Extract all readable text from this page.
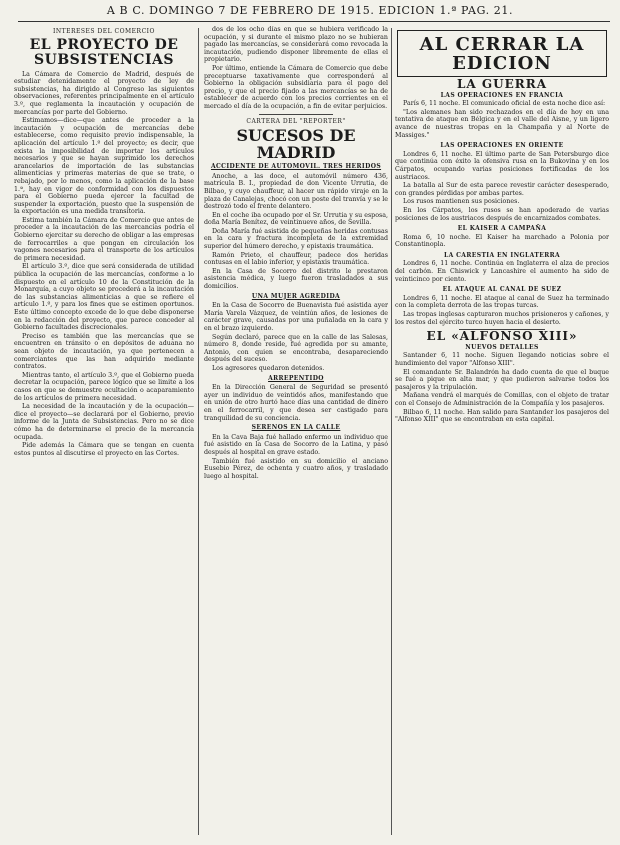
A B C. DOMINGO 7 DE FEBRERO DE 1915. EDICION 1.ª PAG. 21.
INTERESES DEL COMERCIO
EL PROYECTO DE SUBSISTENCIAS

La Cámara de Comercio de Madrid, después de estudiar detenidamente el proyecto de ley de subsistencias, ha dirigido al Congreso las siguientes observaciones, referentes principalmente en el artículo 3.º, que reglamenta la incautación y ocupación de mercancías por parte del Gobierno.

Estimamos—dice—que antes de proceder a la incautación y ocupación de mercancías debe establecerse, como requisito previo indispensable, la aplicación del artículo 1.º del proyecto; es decir, que exista la imposibilidad de importar los artículos necesarios y que se hayan suprimido los derechos arancelarios de importación de las substancias alimenticias y primeras materias de que se trate, o rebajado, por lo menos, como la aplicación de la base 1.ª, hay en vigor de conformidad con los dispuestos para el Gobierno pueda ejercer la facultad de suspender la exportación, puesto que la suspensión de la exportación es una medida transitoria.

Estima también la Cámara de Comercio que antes de proceder a la incautación de las mercancías podría el Gobierno ejercitar su derecho de obligar a las empresas de ferrocarriles a que pongan en circulación los vagones necesarios para el transporte de los artículos de primera necesidad.

El artículo 3.º, dice que será considerada de utilidad pública la ocupación de las mercancías, conforme a lo dispuesto en el artículo 10 de la Constitución de la Monarquía, a cuyo objeto se procederá a la incautación de las substancias alimenticias a que se refiere el artículo 1.º, y para los fines que se estimen oportunos. Este último concepto excede de lo que debe disponerse en la redacción del proyecto, que parece conceder al Gobierno facultades discrecionales.

Preciso es también que las mercancías que se encuentren en tránsito o en depósitos de aduana no sean objeto de incautación, ya que pertenecen a comerciantes que las han adquirido mediante contratos.

Mientras tanto, el artículo 3.º, que el Gobierno pueda decretar la ocupación, parece lógico que se limite a los casos en que se demuestre ocultación o acaparamiento de los artículos de primera necesidad.

La necesidad de la incautación y de la ocupación—dice el proyecto—se declarará por el Gobierno, previo informe de la Junta de Subsistencias. Pero no se dice cómo ha de determinarse el precio de la mercancía ocupada.

Pide además la Cámara que se tengan en cuenta estos puntos al discutirse el proyecto en las Cortes.

dos de los ocho días en que se hubiera verificado la ocupación, y si durante el mismo plazo no se hubieran pagado las mercancías, se considerará como revocada la incautación, pudiendo disponer libremente de ellas el propietario.

Por último, entiende la Cámara de Comercio que debe preceptuarse taxativamente que corresponderá al Gobierno la obligación subsidiaria para el pago del precio, y que el precio fijado a las mercancías se ha de establecer de acuerdo con los precios corrientes en el mercado el día de la ocupación, a fin de evitar perjuicios.

CARTERA DEL "REPORTER"
SUCESOS DE MADRID
ACCIDENTE DE AUTOMOVIL. TRES HERIDOS

Anoche, a las doce, el automóvil número 436, matrícula B. I., propiedad de don Vicente Urrutia, de Bilbao, y cuyo chauffeur, al hacer un rápido viraje en la plaza de Canalejas, chocó con un poste del tranvía y se le destrozó todo el frente delantero.

En el coche iba ocupado por el Sr. Urrutia y su esposa, doña María Benítez, de veintinueve años, de Sevilla.

Doña María fué asistida de pequeñas heridas contusas en la cara y fractura incompleta de la extremidad superior del húmero derecho, y epistaxis traumática.

Ramón Prieto, el chauffeur, padece dos heridas contusas en el labio inferior, y epistaxis traumática.

En la Casa de Socorro del distrito le prestaron asistencia médica, y luego fueron trasladados a sus domicilios.

UNA MUJER AGREDIDA

En la Casa de Socorro de Buenavista fué asistida ayer María Varela Vázquez, de veintiún años, de lesiones de carácter grave, causadas por una puñalada en la cara y en el brazo izquierdo.

Según declaró, parece que en la calle de las Salesas, número 8, donde reside, fué agredida por su amante, Antonio, con quien se encontraba, desapareciendo después del suceso.

Los agresores quedaron detenidos.

ARREPENTIDO

En la Dirección General de Seguridad se presentó ayer un individuo de veintidós años, manifestando que en unión de otro hurtó hace días una cantidad de dinero en el ferrocarril, y que desea ser castigado para tranquilidad de su conciencia.

SERENOS EN LA CALLE

En la Cava Baja fué hallado enfermo un individuo que fué asistido en la Casa de Socorro de la Latina, y pasó después al hospital en grave estado.

También fué asistido en su domicilio el anciano Eusebio Pérez, de ochenta y cuatro años, y trasladado luego al hospital.

AL CERRAR LA EDICION
LA GUERRA
LAS OPERACIONES EN FRANCIA

París 6, 11 noche. El comunicado oficial de esta noche dice así:

"Los alemanes han sido rechazados en el día de hoy en una tentativa de ataque en Bélgica y en el valle del Aisne, y un ligero avance de nuestras tropas en la Champaña y al Norte de Massiges."

LAS OPERACIONES EN ORIENTE

Londres 6, 11 noche. El último parte de San Petersburgo dice que continúa con éxito la ofensiva rusa en la Bukovina y en los Cárpatos, ocupando varias posiciones fortificadas de los austriacos.

La batalla al Sur de esta parece revestir carácter desesperado, con grandes pérdidas por ambas partes.

Los rusos mantienen sus posiciones.

En los Cárpatos, los rusos se han apoderado de varias posiciones de los austriacos después de encarnizados combates.

EL KAISER A CAMPAÑA

Roma 6, 10 noche. El Kaiser ha marchado a Polonia por Constantinopla.

LA CARESTIA EN INGLATERRA

Londres 6, 11 noche. Continúa en Inglaterra el alza de precios del carbón. En Chiswick y Lancashire el aumento ha sido de veinticinco por ciento.

EL ATAQUE AL CANAL DE SUEZ

Londres 6, 11 noche. El ataque al canal de Suez ha terminado con la completa derrota de las tropas turcas.

Las tropas inglesas capturaron muchos prisioneros y cañones, y los restos del ejército turco huyen hacia el desierto.

EL «ALFONSO XIII»
NUEVOS DETALLES

Santander 6, 11 noche. Siguen llegando noticias sobre el hundimiento del vapor "Alfonso XIII".

El comandante Sr. Balandrón ha dado cuenta de que el buque se fué a pique en alta mar, y que pudieron salvarse todos los pasajeros y la tripulación.

Mañana vendrá el marqués de Comillas, con el objeto de tratar con el Consejo de Administración de la Compañía y los pasajeros.

Bilbao 6, 11 noche. Han salido para Santander los pasajeros del "Alfonso XIII" que se encontraban en esta capital.
